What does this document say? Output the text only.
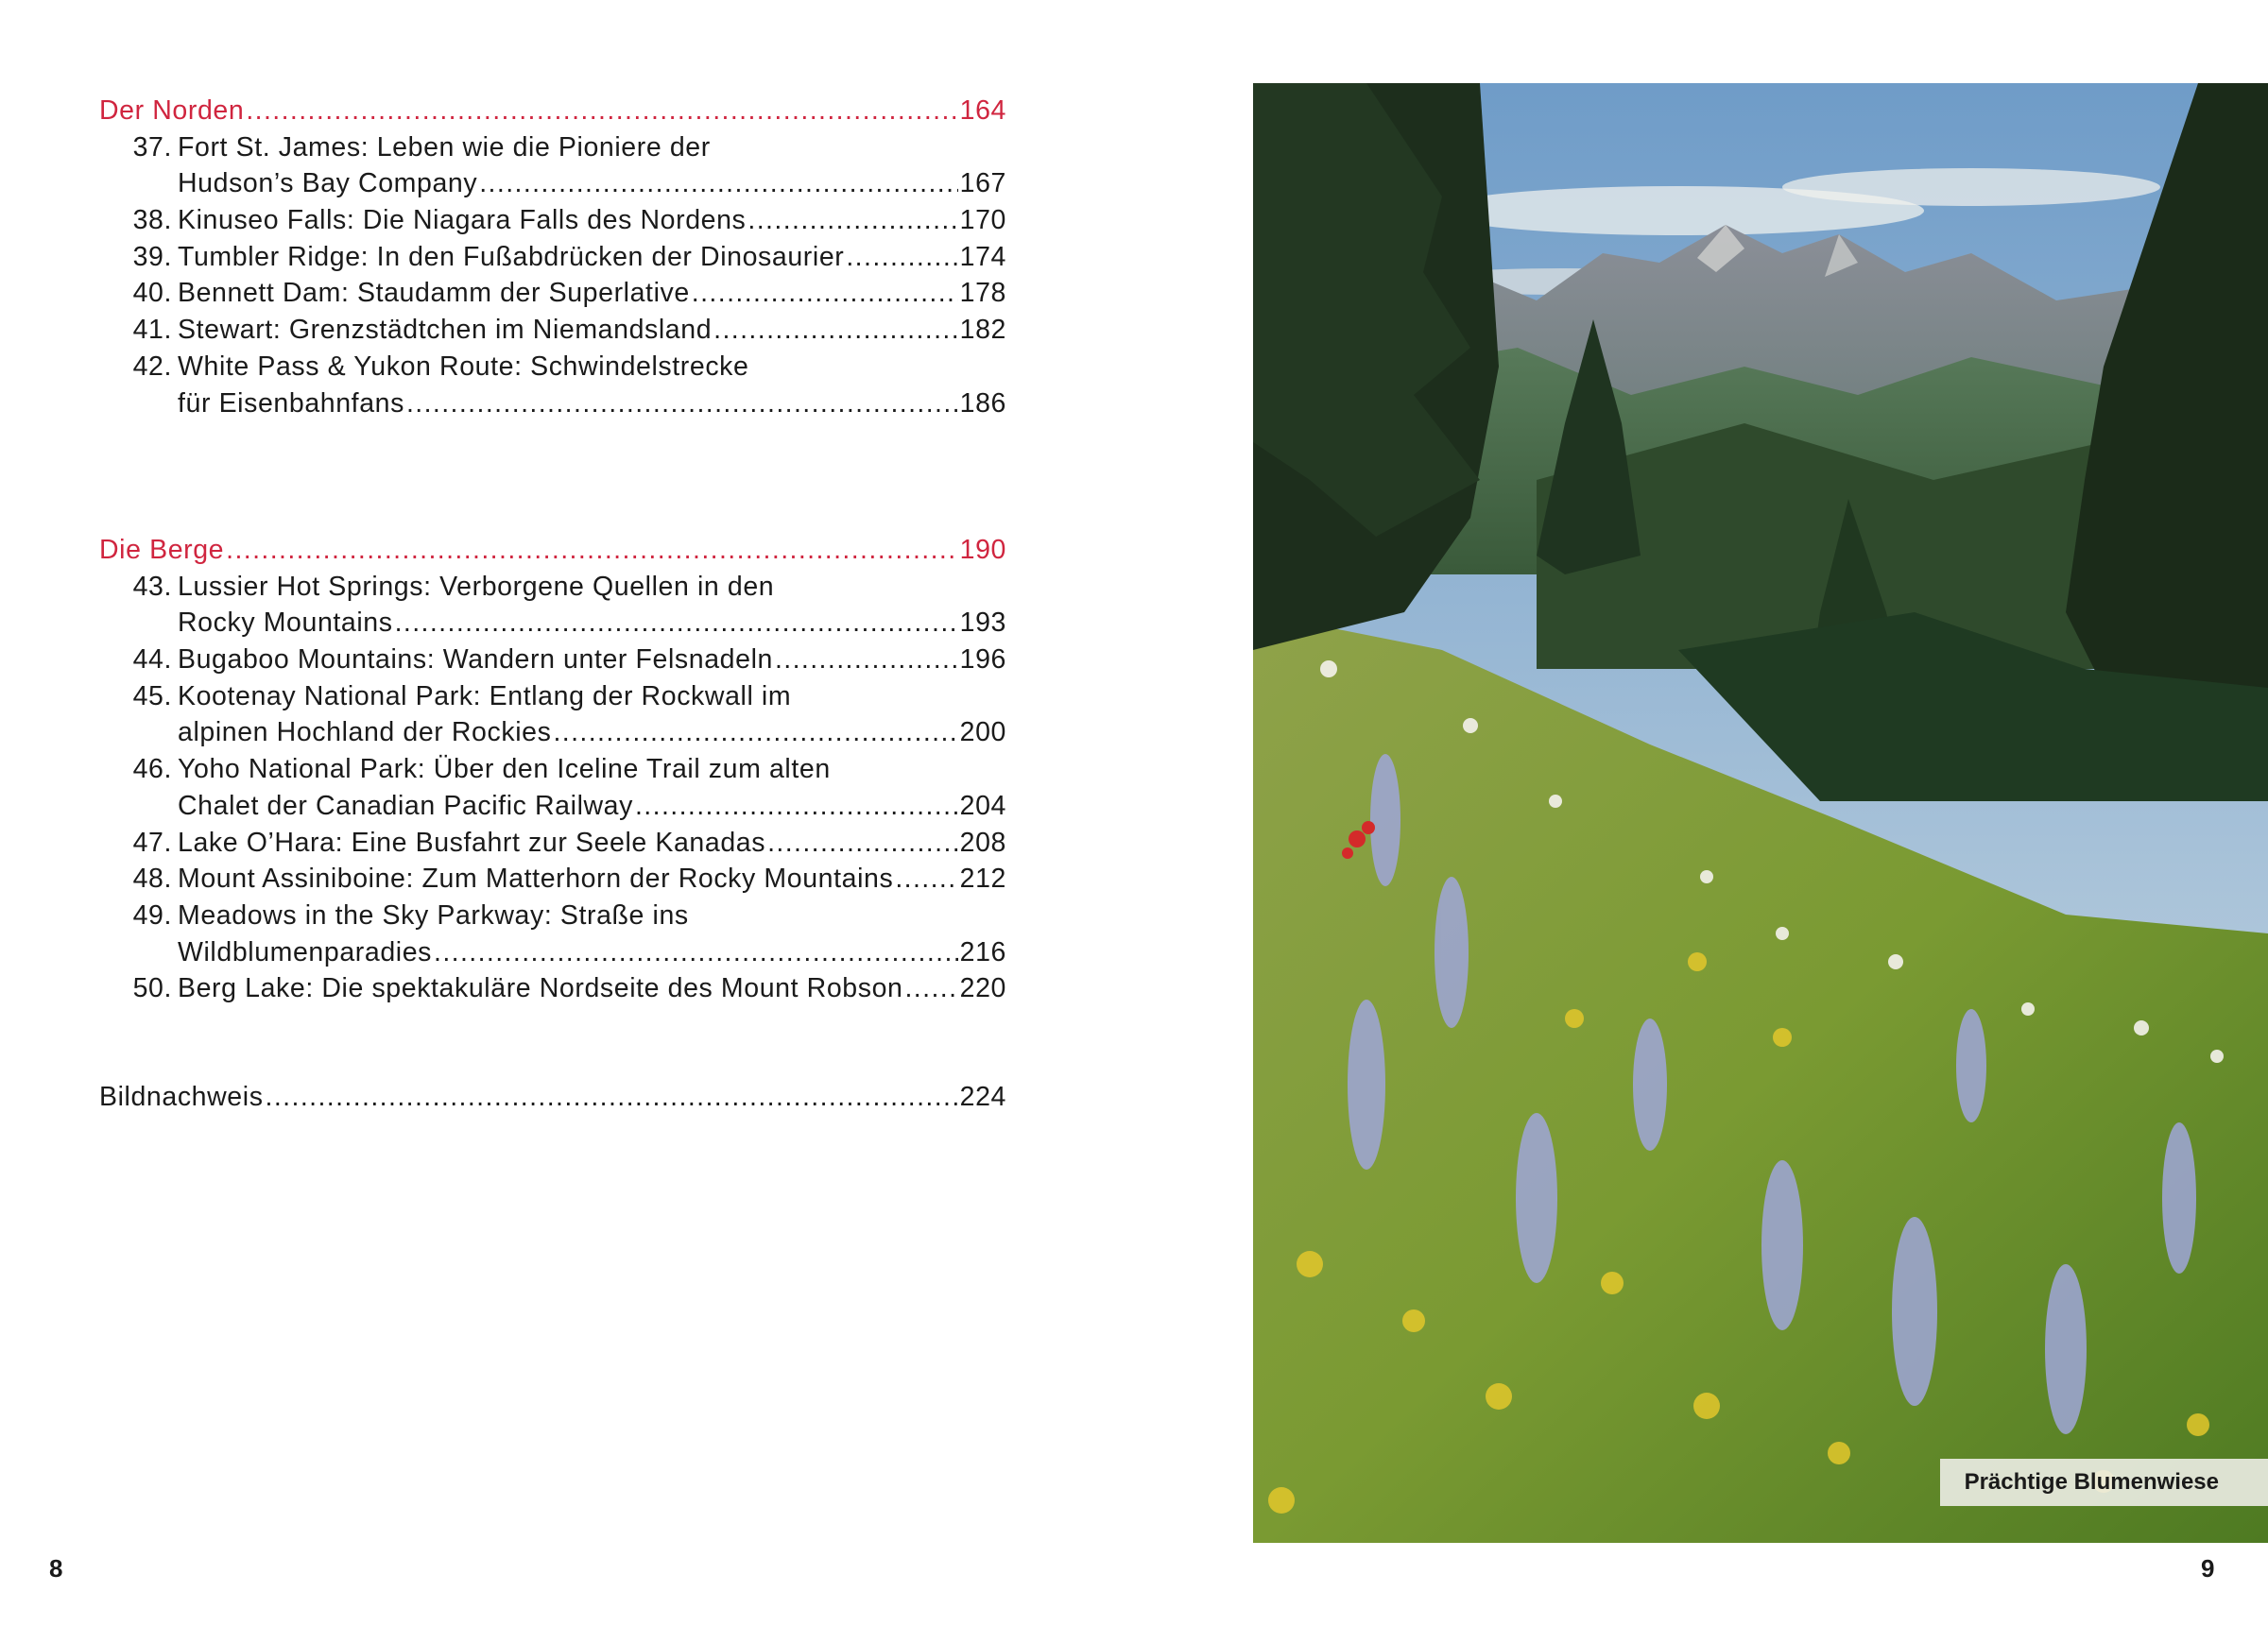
Der Norden .....	164
37. Fort St. James: Leben wie die Pioniere der
Hudson’s Bay Company .....	167
38. Kinuseo Falls: Die Niagara Falls des Nordens .....	170
39. Tumbler Ridge: In den Fußabdrücken der Dinosaurier .....	174
40. Bennett Dam: Staudamm der Superlative .....	178
41. Stewart: Grenzstädtchen im Niemandsland .....	182
42. White Pass & Yukon Route: Schwindelstrecke
für Eisenbahnfans .....	186
Die Berge .....	190
43. Lussier Hot Springs: Verborgene Quellen in den
Rocky Mountains .....	193
44. Bugaboo Mountains: Wandern unter Felsnadeln .....	196
45. Kootenay National Park: Entlang der Rockwall im
alpinen Hochland der Rockies .....	200
46. Yoho National Park: Über den Iceline Trail zum alten
Chalet der Canadian Pacific Railway .....	204
47. Lake O’Hara: Eine Busfahrt zur Seele Kanadas .....	208
48. Mount Assiniboine: Zum Matterhorn der Rocky Mountains ..... 212
49. Meadows in the Sky Parkway: Straße ins
Wildblumenparadies .....	216
50. Berg Lake: Die spektakuläre Nordseite des Mount Robson ..... 220
Bildnachweis .....	224
8
Prächtige Blumenwiese
9
